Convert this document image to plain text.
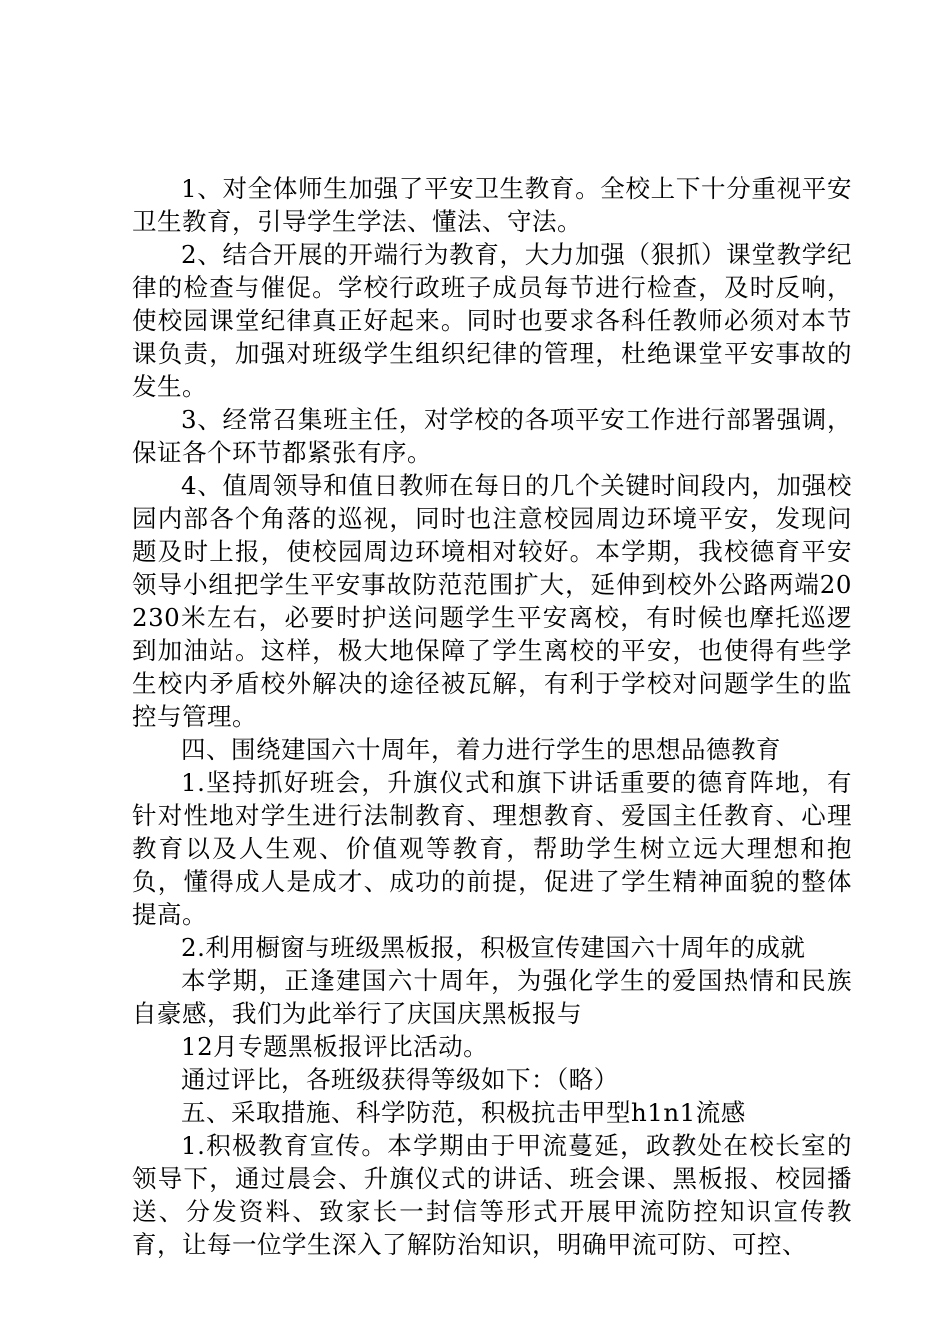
1、对全体师生加强了平安卫生教育。全校上下十分重视平安卫生教育，引导学生学法、懂法、守法。

2、结合开展的开端行为教育，大力加强（狠抓）课堂教学纪律的检查与催促。学校行政班子成员每节进行检查，及时反响，使校园课堂纪律真正好起来。同时也要求各科任教师必须对本节课负责，加强对班级学生组织纪律的管理，杜绝课堂平安事故的发生。

3、经常召集班主任，对学校的各项平安工作进行部署强调，保证各个环节都紧张有序。

4、值周领导和值日教师在每日的几个关键时间段内，加强校园内部各个角落的巡视，同时也注意校园周边环境平安，发现问题及时上报，使校园周边环境相对较好。本学期，我校德育平安领导小组把学生平安事故防范范围扩大，延伸到校外公路两端20230米左右，必要时护送问题学生平安离校，有时候也摩托巡逻到加油站。这样，极大地保障了学生离校的平安，也使得有些学生校内矛盾校外解决的途径被瓦解，有利于学校对问题学生的监控与管理。

四、围绕建国六十周年，着力进行学生的思想品德教育

1.坚持抓好班会，升旗仪式和旗下讲话重要的德育阵地，有针对性地对学生进行法制教育、理想教育、爱国主任教育、心理教育以及人生观、价值观等教育，帮助学生树立远大理想和抱负，懂得成人是成才、成功的前提，促进了学生精神面貌的整体提高。

2.利用橱窗与班级黑板报，积极宣传建国六十周年的成就

本学期，正逢建国六十周年，为强化学生的爱国热情和民族自豪感，我们为此举行了庆国庆黑板报与

12月专题黑板报评比活动。

通过评比，各班级获得等级如下：（略）

五、采取措施、科学防范，积极抗击甲型h1n1流感

1.积极教育宣传。本学期由于甲流蔓延，政教处在校长室的领导下，通过晨会、升旗仪式的讲话、班会课、黑板报、校园播送、分发资料、致家长一封信等形式开展甲流防控知识宣传教育，让每一位学生深入了解防治知识，明确甲流可防、可控、
